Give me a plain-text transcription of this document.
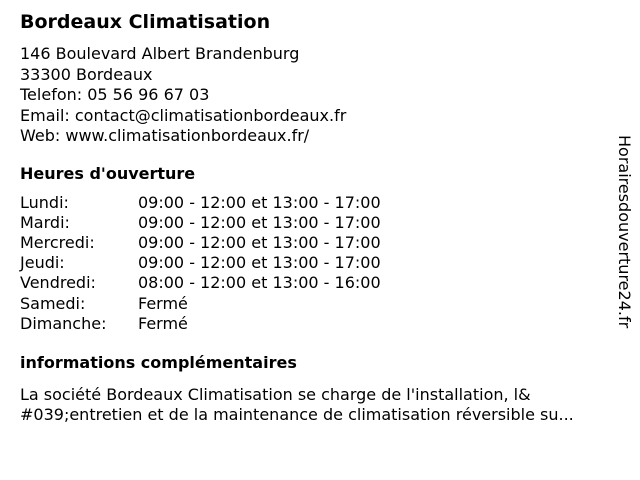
Bordeaux Climatisation
146 Boulevard Albert Brandenburg
33300 Bordeaux
Telefon: 05 56 96 67 03
Email: contact@climatisationbordeaux.fr
Web: www.climatisationbordeaux.fr/
Heures d'ouverture
Lundi:	09:00 - 12:00 et 13:00 - 17:00
Mardi:	09:00 - 12:00 et 13:00 - 17:00
Mercredi:	09:00 - 12:00 et 13:00 - 17:00
Jeudi:	09:00 - 12:00 et 13:00 - 17:00
Vendredi:	08:00 - 12:00 et 13:00 - 16:00
Samedi:	Fermé
Dimanche:	Fermé
informations complémentaires
La société Bordeaux Climatisation se charge de l'installation, l&
#039;entretien et de la maintenance de climatisation réversible su...
Horairesdouverture24.fr
